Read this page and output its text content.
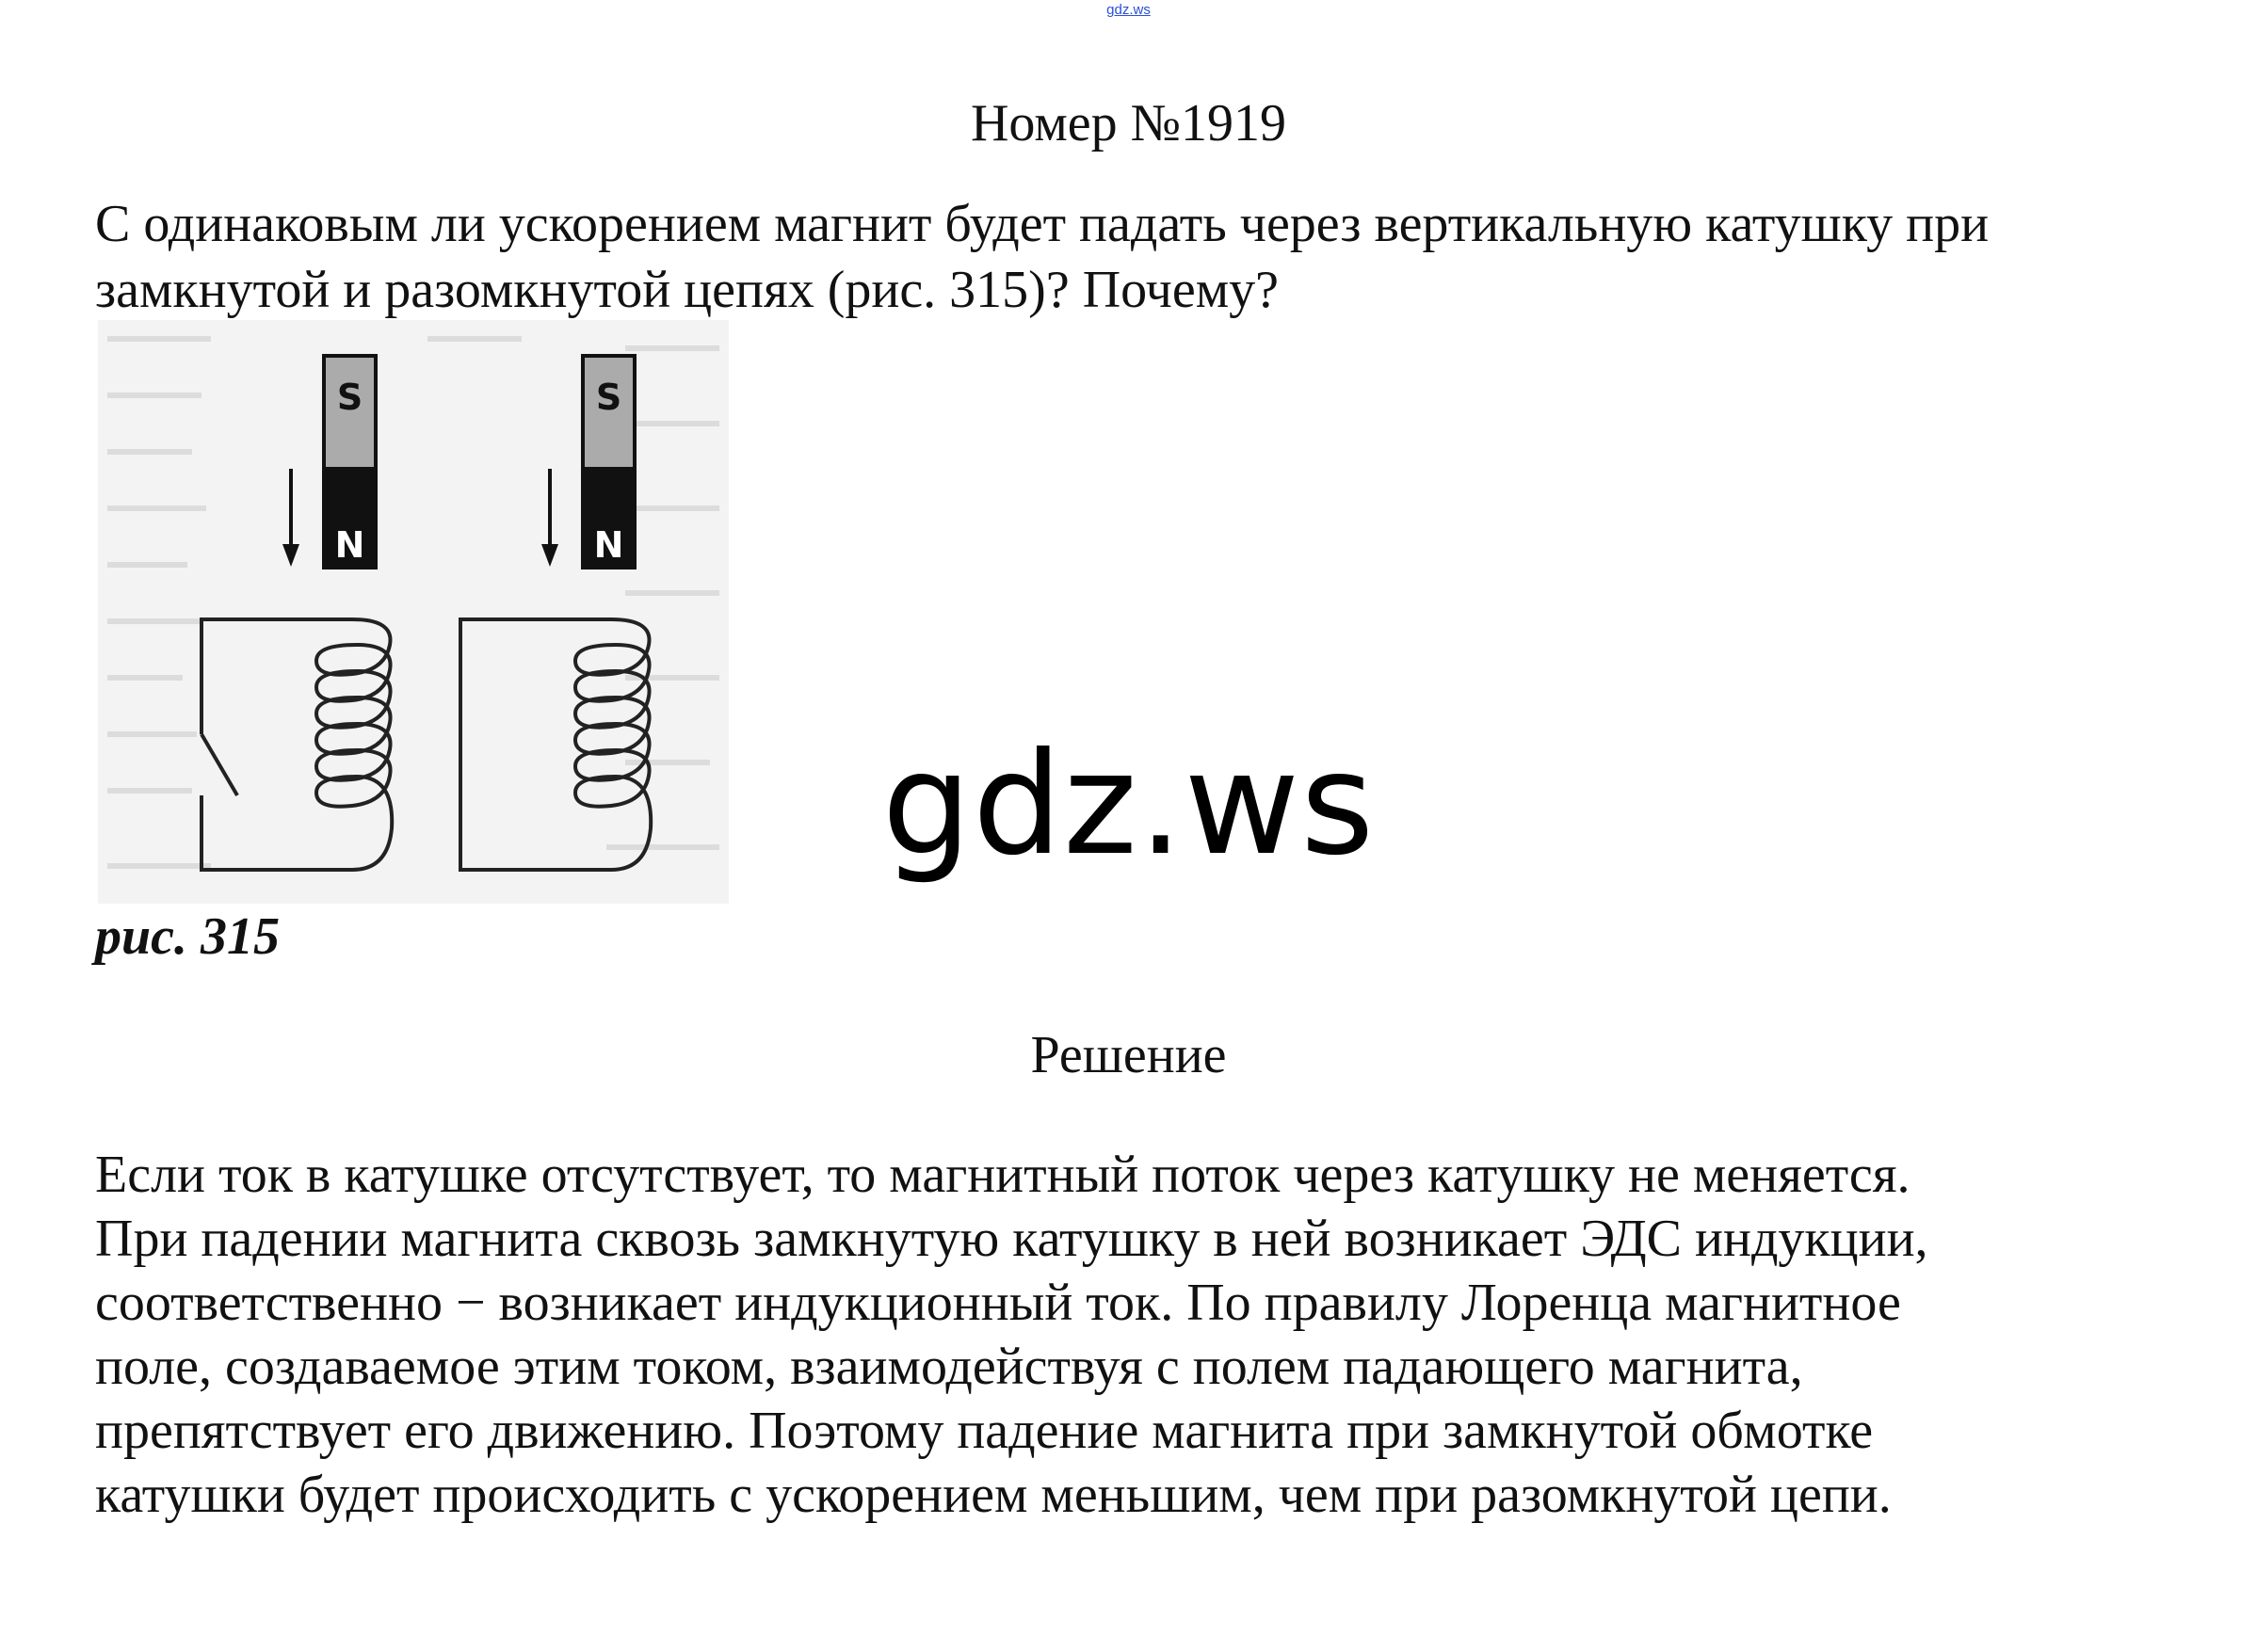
gdz.ws
Номер №1919

С одинаковым ли ускорением магнит будет падать через вертикальную катушку при
замкнутой и разомкнутой цепях (рис. 315)? Почему?

S
N
S
N

рис. 315

gdz.ws
Решение

Если ток в катушке отсутствует, то магнитный поток через катушку не меняется.
При падении магнита сквозь замкнутую катушку в ней возникает ЭДС индукции,
соответственно − возникает индукционный ток. По правилу Лоренца магнитное
поле, создаваемое этим током, взаимодействуя с полем падающего магнита,
препятствует его движению. Поэтому падение магнита при замкнутой обмотке
катушки будет происходить с ускорением меньшим, чем при разомкнутой цепи.
